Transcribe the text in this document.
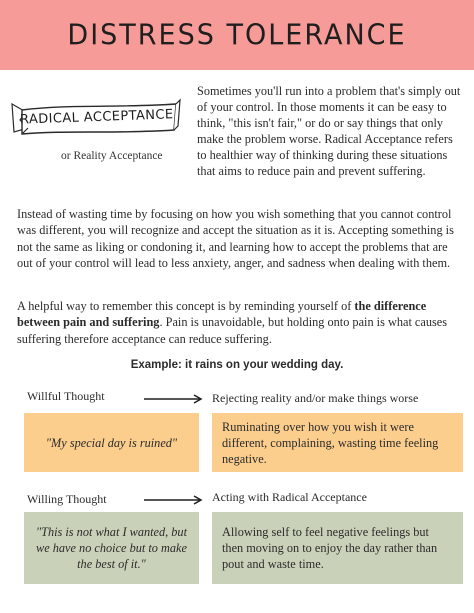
DISTRESS TOLERANCE
RADICAL ACCEPTANCE
or Reality Acceptance

Sometimes you'll run into a problem that's simply out of your control. In those moments it can be easy to think, "this isn't fair," or do or say things that only make the problem worse. Radical Acceptance refers to healthier way of thinking during these situations that aims to reduce pain and prevent suffering.

Instead of wasting time by focusing on how you wish something that you cannot control was different, you will recognize and accept the situation as it is. Accepting something is not the same as liking or condoning it, and learning how to accept the problems that are out of your control will lead to less anxiety, anger, and sadness when dealing with them.

A helpful way to remember this concept is by reminding yourself of the difference between pain and suffering. Pain is unavoidable, but holding onto pain is what causes suffering therefore acceptance can reduce suffering.

Example: it rains on your wedding day.
Willful Thought	Rejecting reality and/or make things worse
"My special day is ruined"
Ruminating over how you wish it were different, complaining, wasting time feeling negative.
Willing Thought	Acting with Radical Acceptance
"This is not what I wanted, but we have no choice but to make the best of it."
Allowing self to feel negative feelings but then moving on to enjoy the day rather than pout and waste time.
